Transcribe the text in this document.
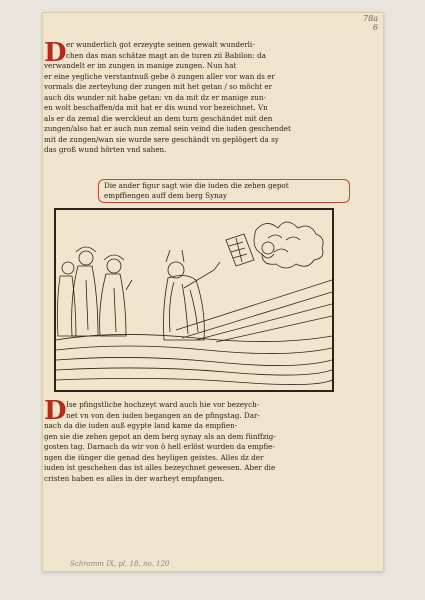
78a
6
D er wunderlich got erzeygte seinen gewalt wunderli-
chen das man schätze magt an de turen zü Babilon: da
verwandelt er im zungen in manige zungen. Nun hat
er eine yegliche verstantnuß gebe ö zungen aller vor wan ds er
vormals die zerteylung der zungen mit het getan / so möcht er
auch dis wunder nit habe getan: vn da mit dz er manige zun-
en wolt beschaffen/da mit hat er dis wund vor bezeichnet. Vn
als er da zemal die werckleut an dem turn geschändet mit den
zungen/also hat er auch nun zemal sein veind die iuden geschendet
mit de zungen/wan sie wurde sere geschändt vn geplögert da sy
das groß wund hörten vnd sahen.
Die ander figur sagt wie die iuden die zehen gepot
empffiengen auff dem berg Synay
D Ise pfingstliche hochzeyt ward auch hie vor bezeych-
net vn von den iuden begangen an de pfingstag. Dar-
nach da die iuden auß egypte land kame da empfien-
gen sie die zehen gepot an dem berg synay als an dem fünffzig-
gosten tag. Darnach da wir von ö hell erlöst wurden da empfie-
ngen die iünger die genad des heyligen geistes. Alles dz der
iuden ist geschehen das ist alles bezeychnet gewesen. Aber die
cristen haben es alles in der warheyt empfangen.
Schramm IX, pl. 18, no. 120
